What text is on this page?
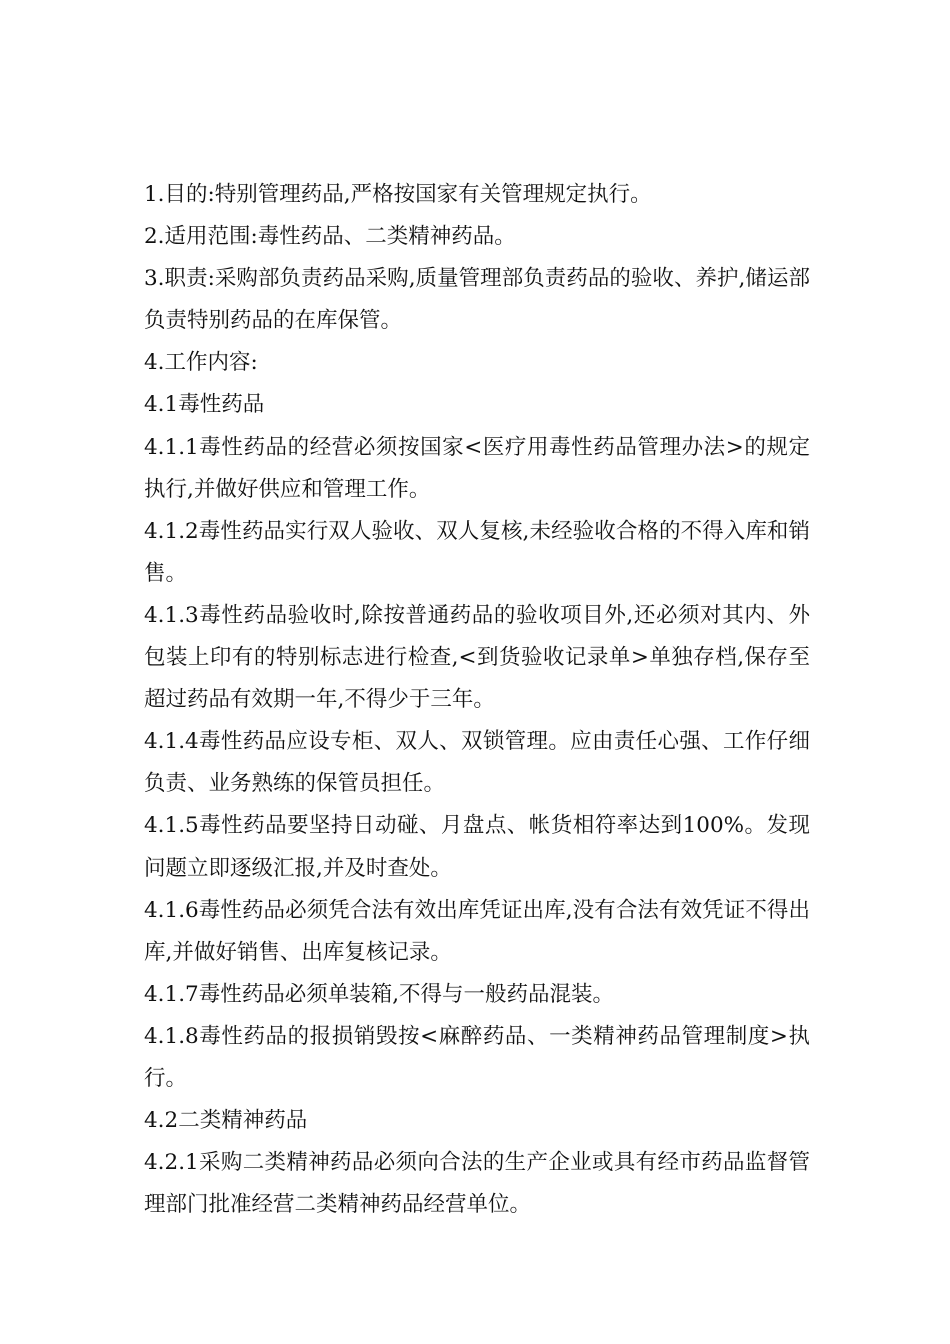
1.目的:特别管理药品,严格按国家有关管理规定执行。

2.适用范围:毒性药品、二类精神药品。

3.职责:采购部负责药品采购,质量管理部负责药品的验收、养护,储运部负责特别药品的在库保管。

4.工作内容:

4.1毒性药品

4.1.1毒性药品的经营必须按国家<医疗用毒性药品管理办法>的规定执行,并做好供应和管理工作。

4.1.2毒性药品实行双人验收、双人复核,未经验收合格的不得入库和销售。

4.1.3毒性药品验收时,除按普通药品的验收项目外,还必须对其内、外包装上印有的特别标志进行检查,<到货验收记录单>单独存档,保存至超过药品有效期一年,不得少于三年。

4.1.4毒性药品应设专柜、双人、双锁管理。应由责任心强、工作仔细负责、业务熟练的保管员担任。

4.1.5毒性药品要坚持日动碰、月盘点、帐货相符率达到100%。发现问题立即逐级汇报,并及时查处。

4.1.6毒性药品必须凭合法有效出库凭证出库,没有合法有效凭证不得出库,并做好销售、出库复核记录。

4.1.7毒性药品必须单装箱,不得与一般药品混装。

4.1.8毒性药品的报损销毁按<麻醉药品、一类精神药品管理制度>执行。

4.2二类精神药品

4.2.1采购二类精神药品必须向合法的生产企业或具有经市药品监督管理部门批准经营二类精神药品经营单位。
